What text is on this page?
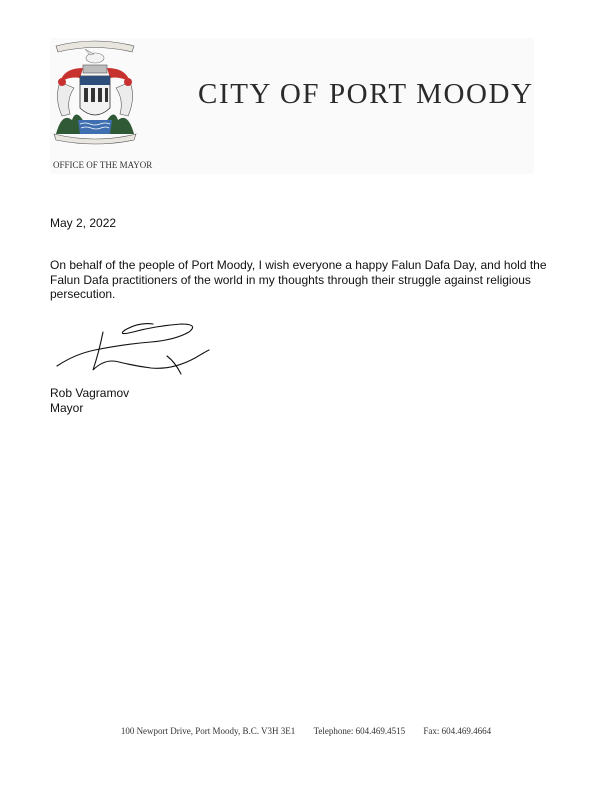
CITY OF PORT MOODY
OFFICE OF THE MAYOR
May 2, 2022
On behalf of the people of Port Moody, I wish everyone a happy Falun Dafa Day, and hold the Falun Dafa practitioners of the world in my thoughts through their struggle against religious persecution.
Rob Vagramov
Mayor
100 Newport Drive, Port Moody, B.C. V3H 3E1 Telephone: 604.469.4515 Fax: 604.469.4664
